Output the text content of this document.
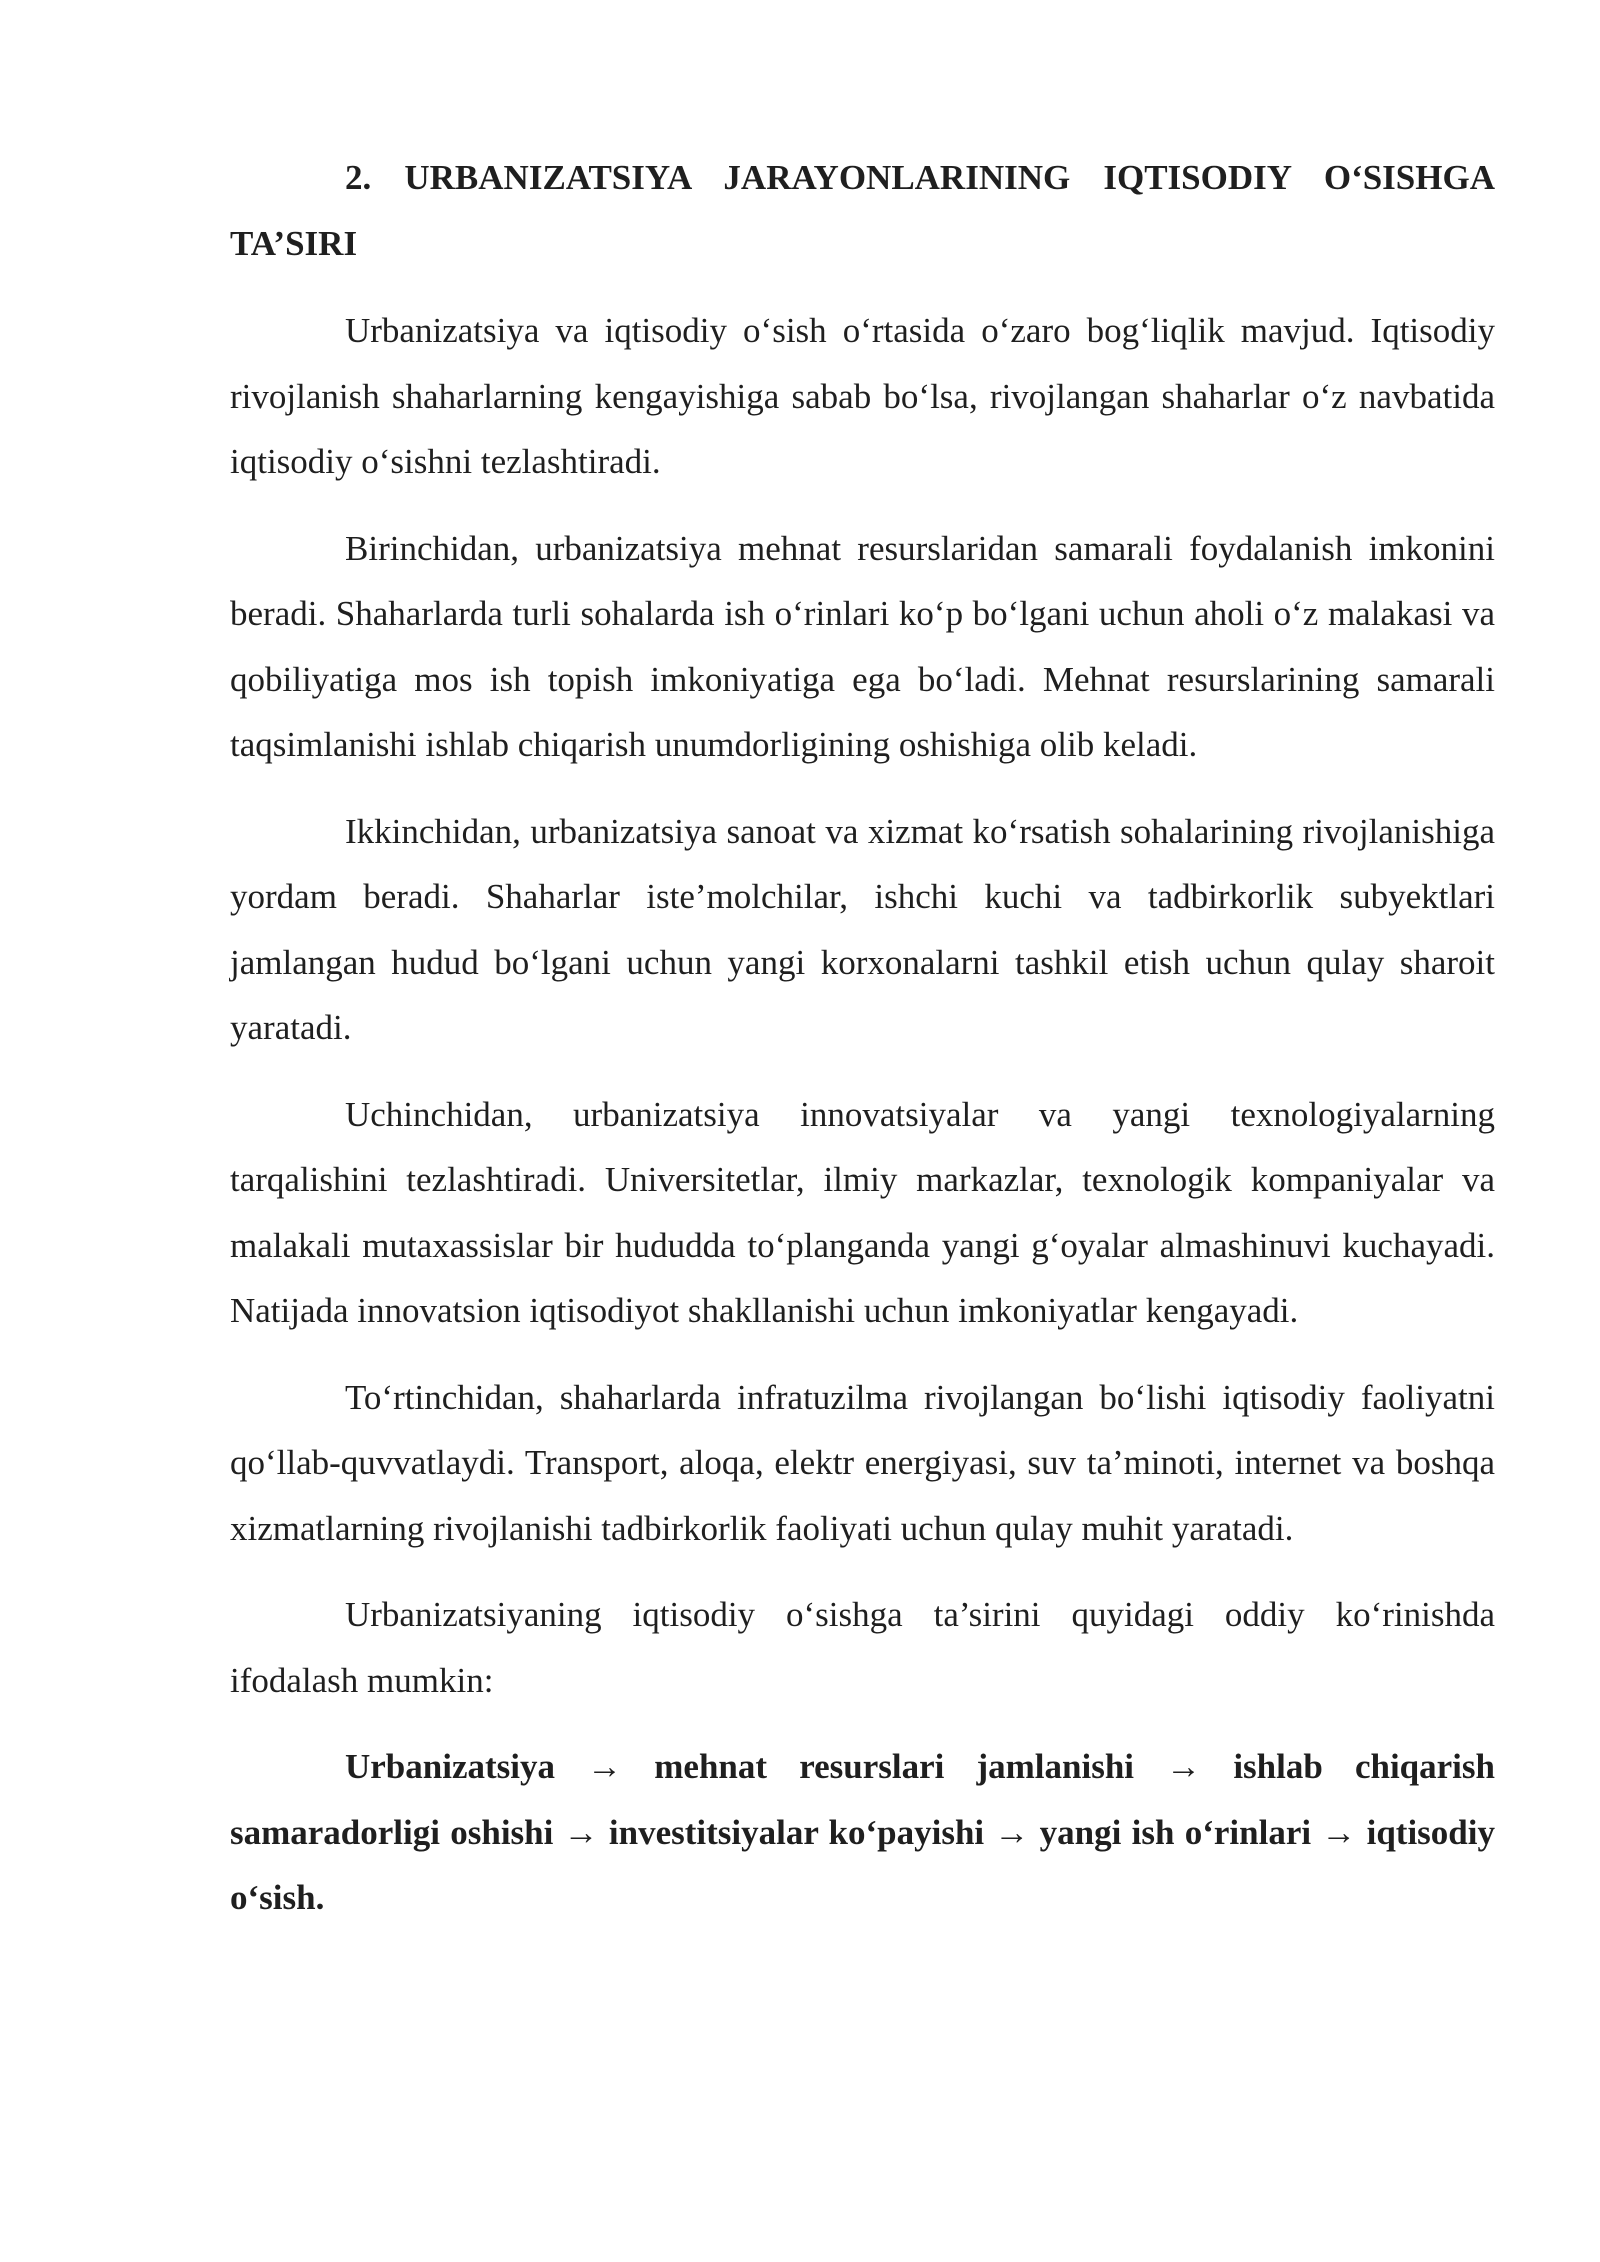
2. URBANIZATSIYA JARAYONLARINING IQTISODIY O‘SISHGA TA’SIRI

Urbanizatsiya va iqtisodiy o‘sish o‘rtasida o‘zaro bog‘liqlik mavjud. Iqtisodiy rivojlanish shaharlarning kengayishiga sabab bo‘lsa, rivojlangan shaharlar o‘z navbatida iqtisodiy o‘sishni tezlashtiradi.

Birinchidan, urbanizatsiya mehnat resurslaridan samarali foydalanish imkonini beradi. Shaharlarda turli sohalarda ish o‘rinlari ko‘p bo‘lgani uchun aholi o‘z malakasi va qobiliyatiga mos ish topish imkoniyatiga ega bo‘ladi. Mehnat resurslarining samarali taqsimlanishi ishlab chiqarish unumdorligining oshishiga olib keladi.

Ikkinchidan, urbanizatsiya sanoat va xizmat ko‘rsatish sohalarining rivojlanishiga yordam beradi. Shaharlar iste’molchilar, ishchi kuchi va tadbirkorlik subyektlari jamlangan hudud bo‘lgani uchun yangi korxonalarni tashkil etish uchun qulay sharoit yaratadi.

Uchinchidan, urbanizatsiya innovatsiyalar va yangi texnologiyalarning tarqalishini tezlashtiradi. Universitetlar, ilmiy markazlar, texnologik kompaniyalar va malakali mutaxassislar bir hududda to‘planganda yangi g‘oyalar almashinuvi kuchayadi. Natijada innovatsion iqtisodiyot shakllanishi uchun imkoniyatlar kengayadi.

To‘rtinchidan, shaharlarda infratuzilma rivojlangan bo‘lishi iqtisodiy faoliyatni qo‘llab-quvvatlaydi. Transport, aloqa, elektr energiyasi, suv ta’minoti, internet va boshqa xizmatlarning rivojlanishi tadbirkorlik faoliyati uchun qulay muhit yaratadi.

Urbanizatsiyaning iqtisodiy o‘sishga ta’sirini quyidagi oddiy ko‘rinishda ifodalash mumkin:

Urbanizatsiya → mehnat resurslari jamlanishi → ishlab chiqarish samaradorligi oshishi → investitsiyalar ko‘payishi → yangi ish o‘rinlari → iqtisodiy o‘sish.
